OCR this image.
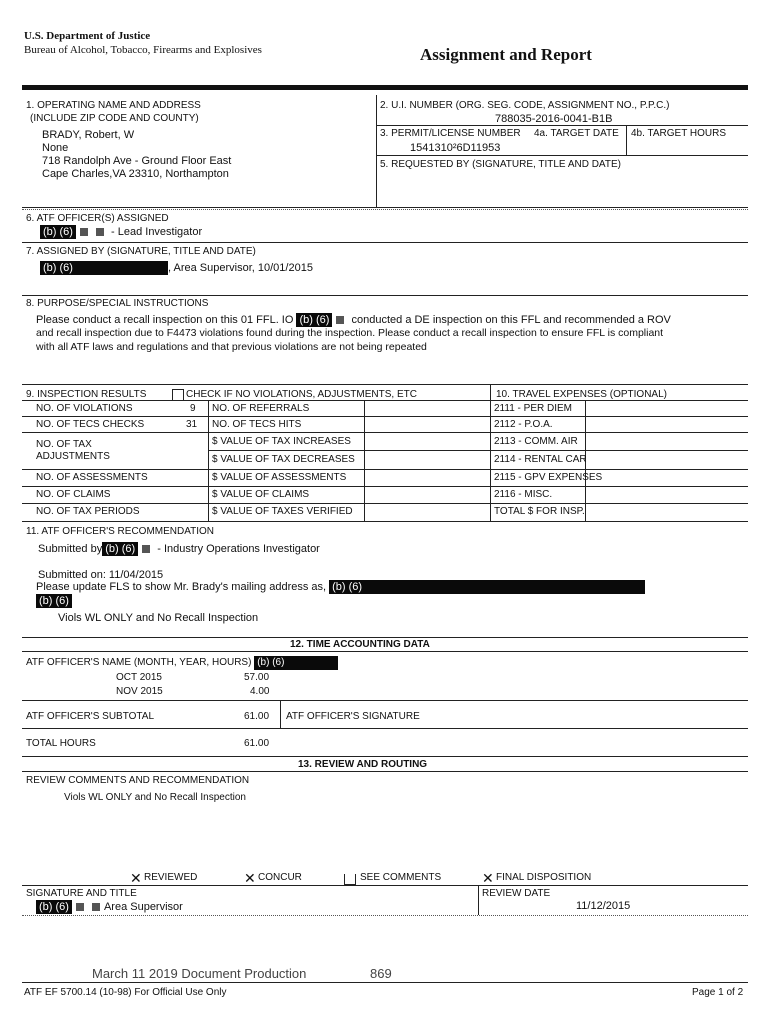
U.S. Department of Justice
Bureau of Alcohol, Tobacco, Firearms and Explosives	Assignment and Report
1. OPERATING NAME AND ADDRESS
(INCLUDE ZIP CODE AND COUNTY)
BRADY, Robert, W
None
718 Randolph Ave - Ground Floor East
Cape Charles,VA 23310, Northampton
2. U.I. NUMBER (ORG. SEG. CODE, ASSIGNMENT NO., P.P.C.)
788035-2016-0041-B1B
3. PERMIT/LICENSE NUMBER 4a. TARGET DATE 4b. TARGET HOURS
1541310²6D11953
5. REQUESTED BY (SIGNATURE, TITLE AND DATE)
6. ATF OFFICER(S) ASSIGNED
(b) (6)	- Lead Investigator
7. ASSIGNED BY (SIGNATURE, TITLE AND DATE)
(b) (6)	, Area Supervisor, 10/01/2015
8. PURPOSE/SPECIAL INSTRUCTIONS
Please conduct a recall inspection on this 01 FFL. IO (b) (6) conducted a DE inspection on this FFL and recommended a ROV
and recall inspection due to F4473 violations found during the inspection. Please conduct a recall inspection to ensure FFL is compliant
with all ATF laws and regulations and that previous violations are not being repeated
9. INSPECTION RESULTS	CHECK IF NO VIOLATIONS, ADJUSTMENTS, ETC	10. TRAVEL EXPENSES (OPTIONAL)
NO. OF VIOLATIONS	9 NO. OF REFERRALS	2111 - PER DIEM
NO. OF TECS CHECKS	31 NO. OF TECS HITS	2112 - P.O.A.
NO. OF TAX
ADJUSTMENTS
$ VALUE OF TAX INCREASES	2113 - COMM. AIR
$ VALUE OF TAX DECREASES	2114 - RENTAL CAR
NO. OF ASSESSMENTS	$ VALUE OF ASSESSMENTS	2115 - GPV EXPENSES
NO. OF CLAIMS	$ VALUE OF CLAIMS	2116 - MISC.
NO. OF TAX PERIODS	$ VALUE OF TAXES VERIFIED	TOTAL $ FOR INSP.
11. ATF OFFICER'S RECOMMENDATION
Submitted by (b) (6) - Industry Operations Investigator
Submitted on: 11/04/2015
Please update FLS to show Mr. Brady's mailing address as, (b) (6)
(b) (6)
Viols WL ONLY and No Recall Inspection
12. TIME ACCOUNTING DATA
ATF OFFICER'S NAME (MONTH, YEAR, HOURS) (b) (6)
OCT 2015	57.00
NOV 2015	4.00
ATF OFFICER'S SUBTOTAL	61.00 ATF OFFICER'S SIGNATURE
TOTAL HOURS	61.00
13. REVIEW AND ROUTING
REVIEW COMMENTS AND RECOMMENDATION
Viols WL ONLY and No Recall Inspection
✕ REVIEWED	✕ CONCUR	SEE COMMENTS	✕ FINAL DISPOSITION
SIGNATURE AND TITLE	REVIEW DATE
(b) (6)	Area Supervisor	11/12/2015
March 11 2019 Document Production	869
ATF EF 5700.14 (10-98) For Official Use Only	Page 1 of 2
